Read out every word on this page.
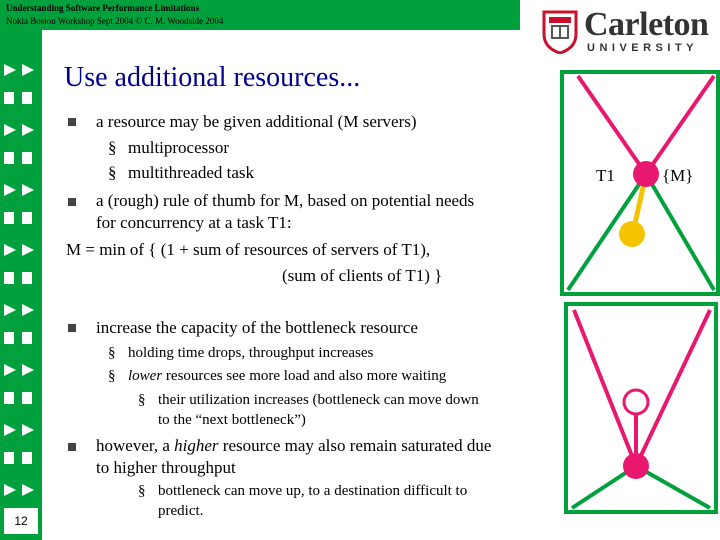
Understanding Software Performance Limitations
Nokia Boston Workshop Sept 2004 © C. M. Woodside 2004
12
Carleton
UNIVERSITY
Use additional resources...
a resource may be given additional (M servers)
§ multiprocessor
§ multithreaded task
a (rough) rule of thumb for M, based on potential needs
for concurrency at a task T1:
M = min of { (1 + sum of resources of servers of T1),
(sum of clients of T1) }
increase the capacity of the bottleneck resource
§ holding time drops, throughput increases
§ lower resources see more load and also more waiting
§ their utilization increases (bottleneck can move down
to the “next bottleneck”)
however, a higher resource may also remain saturated due
to higher throughput
§ bottleneck can move up, to a destination difficult to
predict.
T1	{M}
